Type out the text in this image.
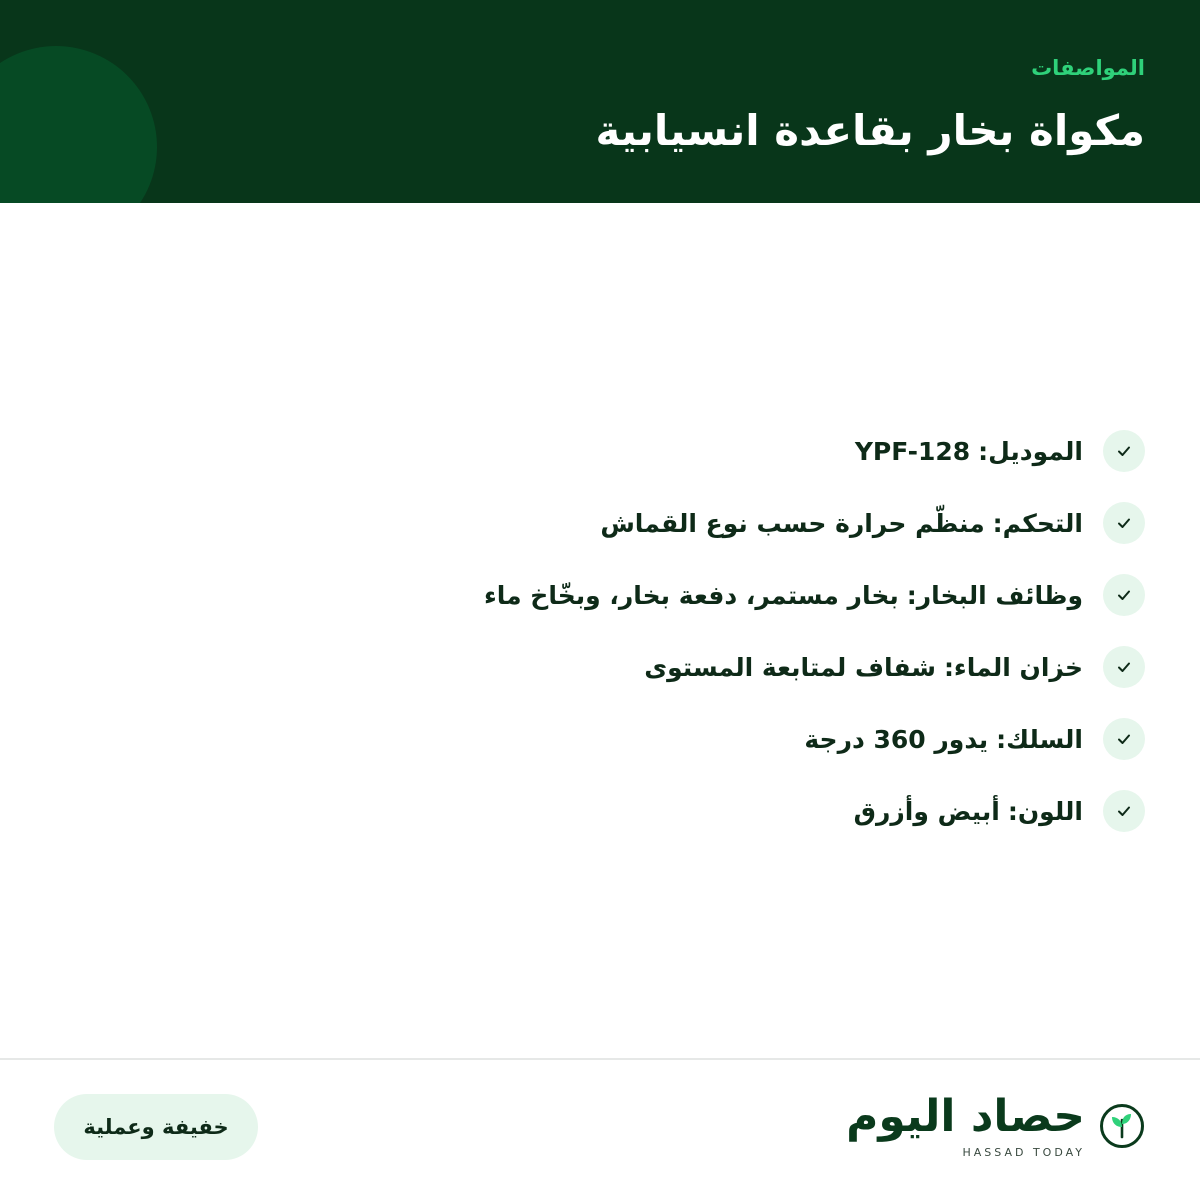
المواصفات
مكواة بخار بقاعدة انسيابية
الموديل: YPF-128
التحكم: منظّم حرارة حسب نوع القماش
وظائف البخار: بخار مستمر، دفعة بخار، وبخّاخ ماء
خزان الماء: شفاف لمتابعة المستوى
السلك: يدور 360 درجة
اللون: أبيض وأزرق
حصاد اليوم
HASSAD TODAY
خفيفة وعملية
